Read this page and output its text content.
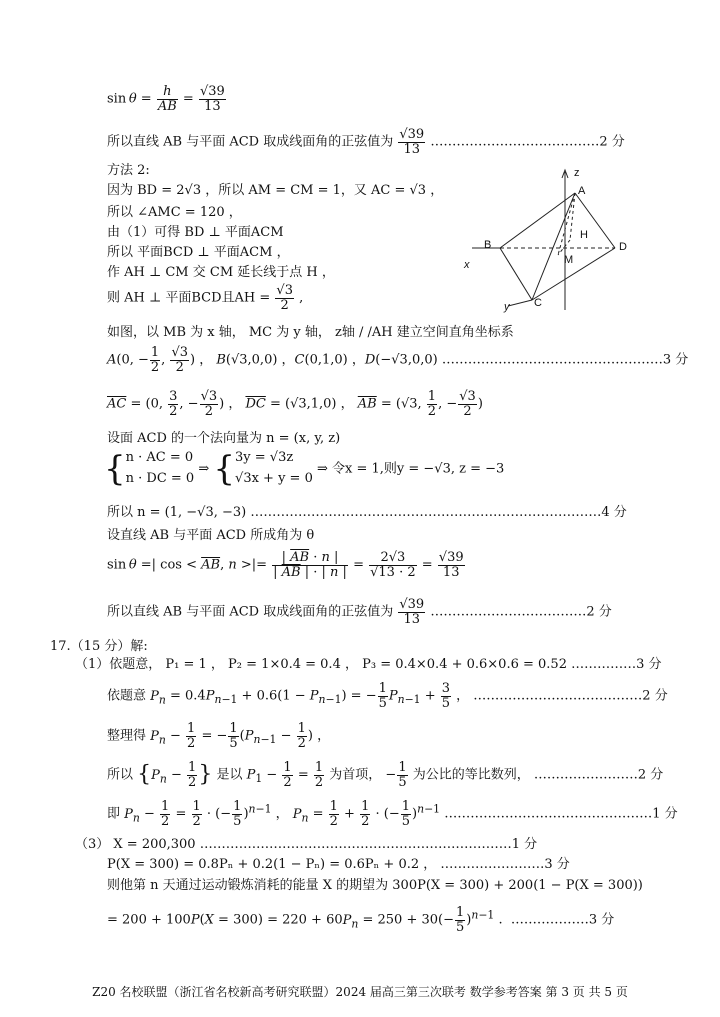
$\sin \theta = \frac{h}{AB} = \frac{√39}{13}$
所以直线 AB 与平面 ACD 取成线面角的正弦值为 $\frac{√39}{13}$ …………………………………2 分
方法 2:
因为 BD = 2√3 ，所以 AM = CM = 1，又 AC = √3 ，
所以 ∠AMC = 120 ，
由（1）可得 BD ⊥ 平面ACM
所以 平面BCD ⊥ 平面ACM ，
作 AH ⊥ CM 交 CM 延长线于点 H ，
则 AH ⊥ 平面BCD且AH = $\frac{√3}{2}$ ,
如图，以 MB 为 x 轴， MC 为 y 轴， z轴 / /AH 建立空间直角坐标系
A(0, − $\frac{1}{2}$ , $\frac{√3}{2}$ ) ， B(√3,0,0) ，C(0,1,0) ，D(−√3,0,0) ……………………………………………3 分
$\overline{AC} = (0$, $\frac{3}{2}$ , − $\frac{√3}{2}$ ) ， $\overline{DC} = (√3,1,0)$ ， $\overline{AB} = (√3$, $\frac{1}{2}$ , − $\frac{√3}{2}$ )
设面 ACD 的一个法向量为 n = (x, y, z)
{n · AC = 0
n · DC = 0 ⇒ {3y = √3z
√3x + y = 0 ⇒ 令x = 1,则y = −√3, z = −3
所以 n = (1, −√3, −3) ………………………………………………………………………4 分
设直线 AB 与平面 ACD 所成角为 θ
sin θ =| $\cos < \overline{AB}$, n >|= $\frac{| \overline{AB} \cdot n |}{| \overline{AB} | \cdot | n |} = \frac{2√3}{√13 \cdot 2} = \frac{√39}{13}$
所以直线 AB 与平面 ACD 取成线面角的正弦值为 $\frac{√39}{13}$ ………………………………2 分
17.（15 分）解:
（1）依题意， P₁ = 1 ， P₂ = 1×0.4 = 0.4 ， P₃ = 0.4×0.4 + 0.6×0.6 = 0.52 ……………3 分
依题意 $P_n = 0.4P_{n-1} + 0.6(1 - P_{n-1})$ = − $\frac{1}{5} P_{n-1} + \frac{3}{5}$ ， …………………………………2 分
整理得 $P_n - \frac{1}{2}$ = − $\frac{1}{5} (P_{n-1} - \frac{1}{2}$ ) ，
所以 {$P_n - \frac{1}{2}$ } 是以 $P_1 - \frac{1}{2} = \frac{1}{2}$ 为首项， − $\frac{1}{5}$ 为公比的等比数列， ……………………2 分
即 $P_n - \frac{1}{2} = \frac{1}{2}$ · (− $\frac{1}{5} )^{n-1}$ ， $P_n = \frac{1}{2} + \frac{1}{2}$ · (− $\frac{1}{5} )^{n-1}$ …………………………………………1 分
（3） X = 200,300 ………………………………………………………………1 分
P(X = 300) = 0.8Pₙ + 0.2(1 − Pₙ) = 0.6Pₙ + 0.2 ， ……………………3 分
则他第 n 天通过运动锻炼消耗的能量 X 的期望为 300P(X = 300) + 200(1 − P(X = 300))
= $200 + 100P(X = 300) = 220 + 60P_n = 250 + 30(- \frac{1}{5} )^{n-1}$ .  ………………3 分
z
A
B	D
H
M
x
y C
Z20 名校联盟（浙江省名校新高考研究联盟）2024 届高三第三次联考 数学参考答案 第 3 页 共 5 页
